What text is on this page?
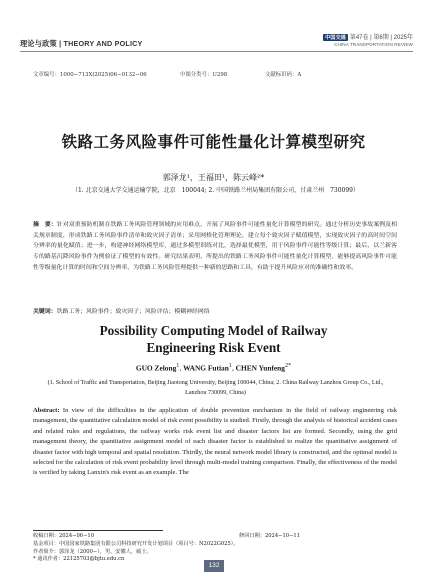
理论与政策 | THEORY AND POLICY
中国交通 第47卷 | 第6期 | 2025年
CHINA TRANSPORTATION REVIEW
文章编号：1000−713X(2025)06−0132−06	中图分类号：U298	文献标识码：A
铁路工务风险事件可能性量化计算模型研究
郭泽龙¹，王福田¹，陈云峰²*
（1. 北京交通大学交通运输学院，北京　100044; 2. 中国铁路兰州局集团有限公司，甘肃兰州　730099）
摘　要：针对双重预防机制在铁路工务风险管理领域的应用难点，开展了风险事件可能性量化计算模型的研究。通过分析历史事故案例及相关规章制度，形成铁路工务风险事件清单和致灾因子清单；采用网格化管理理论，建立每个致灾因子赋值模型，实现致灾因子的高时间空间分辨率的量化赋值；进一步，构建神经网络模型库，通过多模型训练对比，选择最优模型，用于风险事件可能性等级计算；最后，以兰新客专的路基沉降风险事件为例验证了模型的有效性。研究结果表明，所提出的铁路工务风险事件可能性量化计算模型，能够提高风险事件可能性等级量化计算的时间和空间分辨率，为铁路工务风险管理提供一种新的思路和工具，有助于提升风险应对的准确性和效率。
关键词：铁路工务；风险事件；致灾因子；风险评估；模糊神经网络
Possibility Computing Model of Railway
Engineering Risk Event
GUO Zelong$^1$, WANG Futian$^1$, CHEN Yunfeng$^{2*}$
(1. School of Traffic and Transportation, Beijing Jiaotong University, Beijing 100044, China; 2. China Railway Lanzhou Group Co., Ltd., Lanzhou 730099, China)
Abstract: In view of the difficulties in the application of double prevention mechanism in the field of railway engineering risk management, the quantitative calculation model of risk event possibility is studied. Firstly, through the analysis of historical accident cases and related rules and regulations, the railway works risk event list and disaster factors list are formed. Secondly, using the grid management theory, the quantitative assignment model of each disaster factor is established to realize the quantitative assignment of disaster factor with high temporal and spatial resolution. Thirdly, the neural network model library is constructed, and the optimal model is selected for the calculation of risk event probability level through multi-model training comparison. Finally, the effectiveness of the model is verified by taking Lanxin's risk event as an example. The
收稿日期：2024−06−10	修回日期：2024−10−11
基金项目：中国国家铁路集团有限公司科技研究开发计划项目（项目号：N2022G025）。
作者简介：郭泽龙（2000−），男，安徽人，硕士。
* 通讯作者：22125703@bjtu.edu.cn
132
